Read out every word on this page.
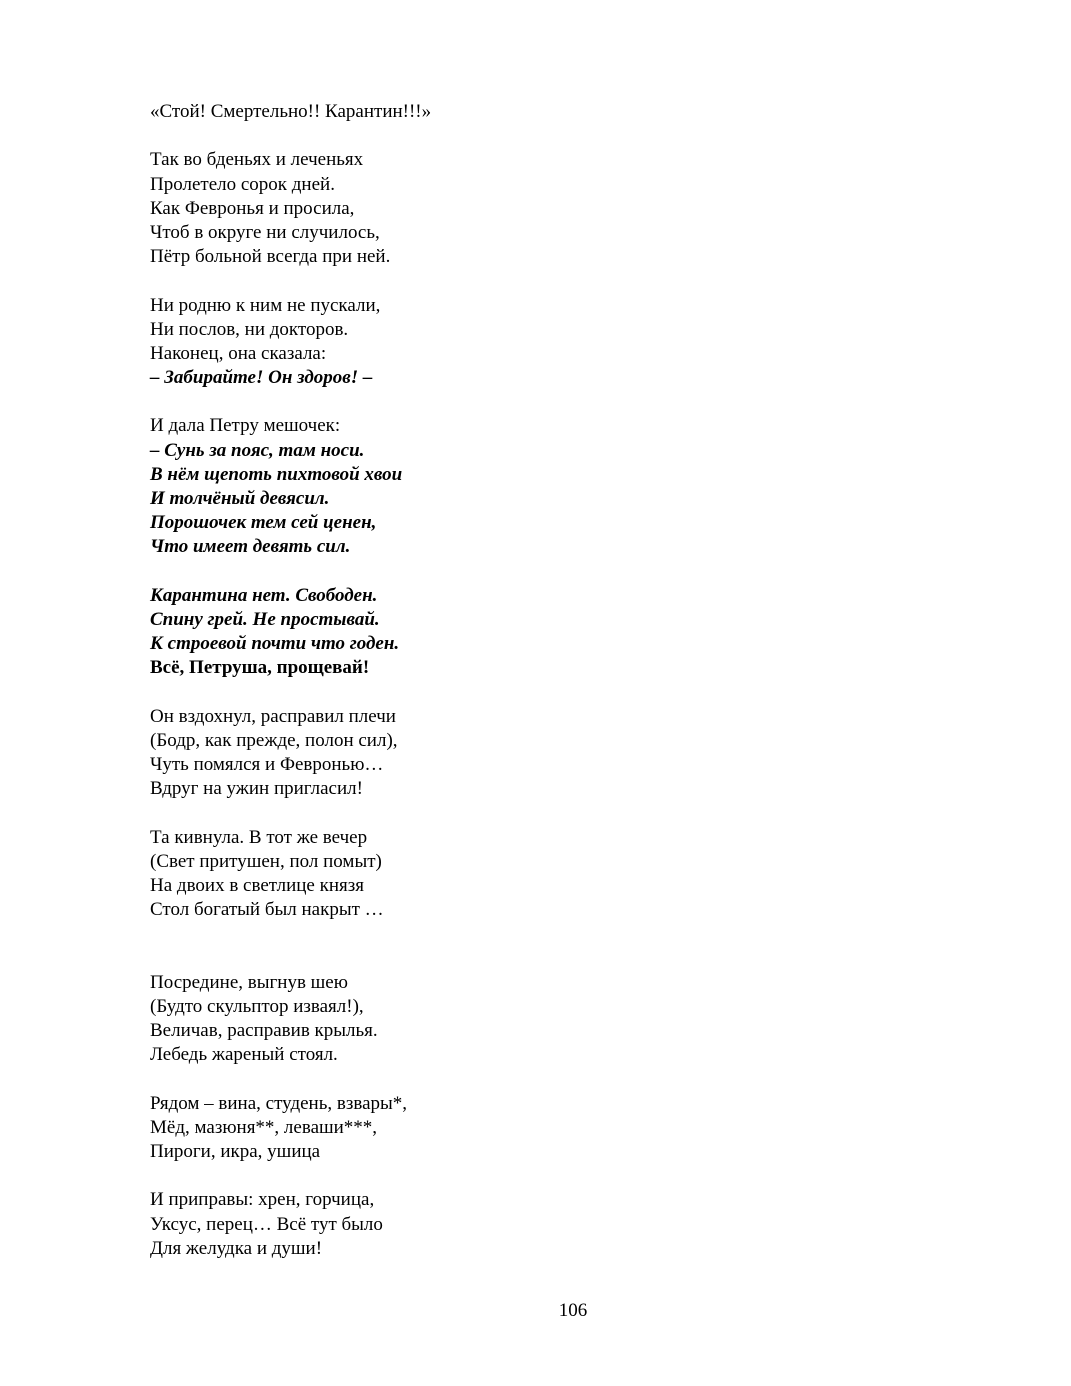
«Стой! Смертельно!! Карантин!!!»
Так во бденьях и леченьях
Пролетело сорок дней.
Как Февронья и просила,
Чтоб в округе ни случилось,
Пётр больной всегда при ней.
Ни родню к ним не пускали,
Ни послов, ни докторов.
Наконец, она сказала:
– Забирайте! Он здоров! –
И дала Петру мешочек:
– Сунь за пояс, там носи.
В нём щепоть пихтовой хвои
И толчёный девясил.
Порошочек тем сей ценен,
Что имеет девять сил.
Карантина нет. Свободен.
Спину грей. Не простывай.
К строевой почти что годен.
Всё, Петруша, прощевай!
Он вздохнул, расправил плечи
(Бодр, как прежде, полон сил),
Чуть помялся и Февронью…
Вдруг на ужин пригласил!
Та кивнула. В тот же вечер
(Свет притушен, пол помыт)
На двоих в светлице князя
Стол богатый был накрыт …
Посредине, выгнув шею
(Будто скульптор изваял!),
Величав, расправив крылья.
Лебедь жареный стоял.
Рядом – вина, студень, взвары*,
Мёд, мазюня**, леваши***,
Пироги, икра, ушица
И приправы: хрен, горчица,
Уксус, перец… Всё тут было
Для желудка и души!
106
